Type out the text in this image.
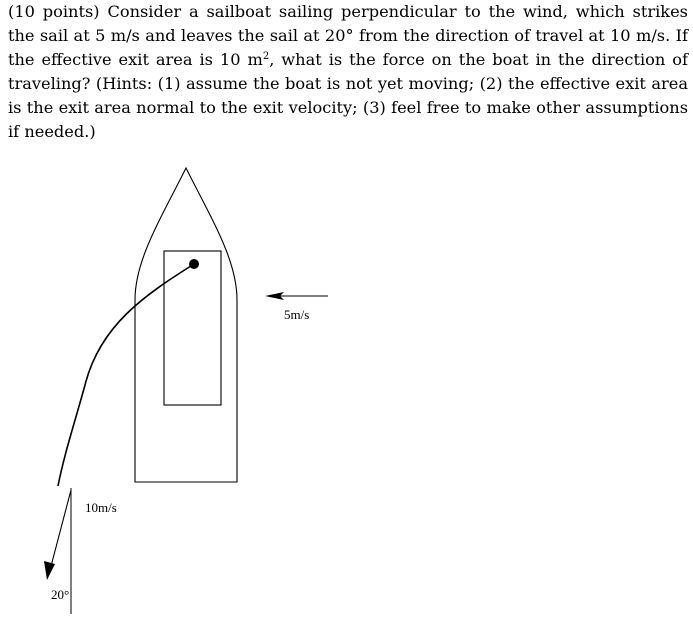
(10 points) Consider a sailboat sailing perpendicular to the wind, which strikes the sail at 5 m/s and leaves the sail at 20° from the direction of travel at 10 m/s. If the effective exit area is 10 $m^2$, what is the force on the boat in the direction of traveling? (Hints: (1) assume the boat is not yet moving; (2) the effective exit area is the exit area normal to the exit velocity; (3) feel free to make other assumptions if needed.)
5m/s
10m/s
20°
